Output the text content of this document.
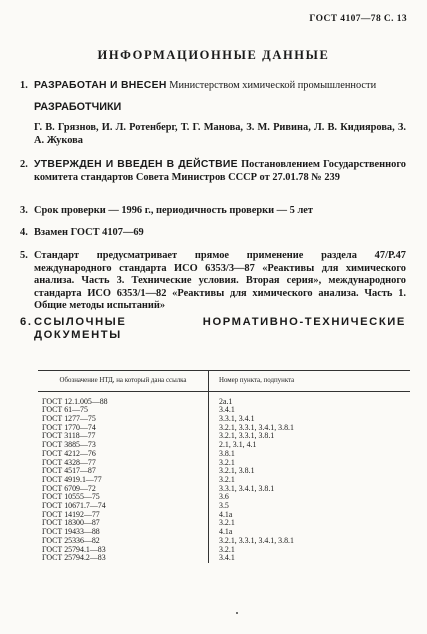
ГОСТ 4107—78 С. 13
ИНФОРМАЦИОННЫЕ ДАННЫЕ
1. РАЗРАБОТАН И ВНЕСЕН Министерством химической промышленности
РАЗРАБОТЧИКИ
Г. В. Грязнов, И. Л. Ротенберг, Т. Г. Манова, З. М. Ривина, Л. В. Кидиярова, З. А. Жукова
2. УТВЕРЖДЕН И ВВЕДЕН В ДЕЙСТВИЕ Постановлением Государственного комитета стандартов Совета Министров СССР от 27.01.78 № 239
3. Срок проверки — 1996 г., периодичность проверки — 5 лет
4. Взамен ГОСТ 4107—69
5. Стандарт предусматривает прямое применение раздела 47/Р.47 международного стандарта ИСО 6353/3—87 «Реактивы для химического анализа. Часть 3. Технические условия. Вторая серия», международного стандарта ИСО 6353/1—82 «Реактивы для химического анализа. Часть 1. Общие методы испытаний»
6. ССЫЛОЧНЫЕ НОРМАТИВНО-ТЕХНИЧЕСКИЕ ДОКУМЕНТЫ
Обозначение НТД, на который дана ссылка	Номер пункта, подпункта
ГОСТ 12.1.005—88	2а.1
ГОСТ 61—75	3.4.1
ГОСТ 1277—75	3.3.1, 3.4.1
ГОСТ 1770—74	3.2.1, 3.3.1, 3.4.1, 3.8.1
ГОСТ 3118—77	3.2.1, 3.3.1, 3.8.1
ГОСТ 3885—73	2.1, 3.1, 4.1
ГОСТ 4212—76	3.8.1
ГОСТ 4328—77	3.2.1
ГОСТ 4517—87	3.2.1, 3.8.1
ГОСТ 4919.1—77	3.2.1
ГОСТ 6709—72	3.3.1, 3.4.1, 3.8.1
ГОСТ 10555—75	3.6
ГОСТ 10671.7—74	3.5
ГОСТ 14192—77	4.1а
ГОСТ 18300—87	3.2.1
ГОСТ 19433—88	4.1а
ГОСТ 25336—82	3.2.1, 3.3.1, 3.4.1, 3.8.1
ГОСТ 25794.1—83	3.2.1
ГОСТ 25794.2—83	3.4.1
